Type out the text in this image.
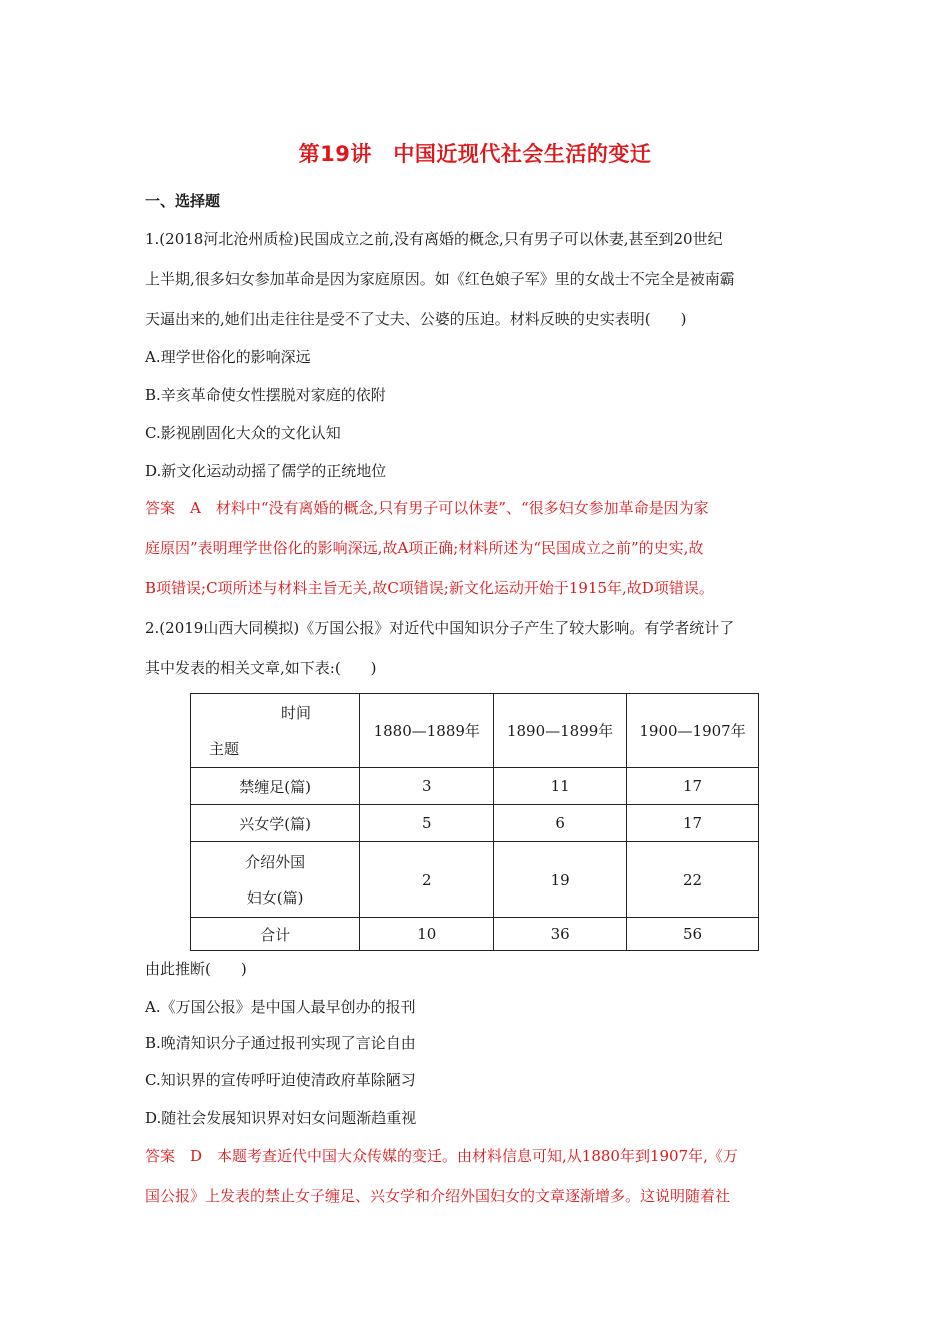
第19讲　中国近现代社会生活的变迁
一、选择题
1.(2018河北沧州质检)民国成立之前,没有离婚的概念,只有男子可以休妻,甚至到20世纪
上半期,很多妇女参加革命是因为家庭原因。如《红色娘子军》里的女战士不完全是被南霸
天逼出来的,她们出走往往是受不了丈夫、公婆的压迫。材料反映的史实表明(　　)
A.理学世俗化的影响深远
B.辛亥革命使女性摆脱对家庭的依附
C.影视剧固化大众的文化认知
D.新文化运动动摇了儒学的正统地位
答案　A　材料中“没有离婚的概念,只有男子可以休妻”、“很多妇女参加革命是因为家
庭原因”表明理学世俗化的影响深远,故A项正确;材料所述为“民国成立之前”的史实,故
B项错误;C项所述与材料主旨无关,故C项错误;新文化运动开始于1915年,故D项错误。
2.(2019山西大同模拟)《万国公报》对近代中国知识分子产生了较大影响。有学者统计了
其中发表的相关文章,如下表:(　　)
时间
主题	1880—1889年	1890—1899年	1900—1907年
禁缠足(篇)	3	11	17
兴女学(篇)	5	6	17

介绍外国
妇女(篇)	2	19	22
合计	10	36	56
由此推断(　　)
A.《万国公报》是中国人最早创办的报刊
B.晚清知识分子通过报刊实现了言论自由
C.知识界的宣传呼吁迫使清政府革除陋习
D.随社会发展知识界对妇女问题渐趋重视
答案　D　本题考查近代中国大众传媒的变迁。由材料信息可知,从1880年到1907年,《万
国公报》上发表的禁止女子缠足、兴女学和介绍外国妇女的文章逐渐增多。这说明随着社
